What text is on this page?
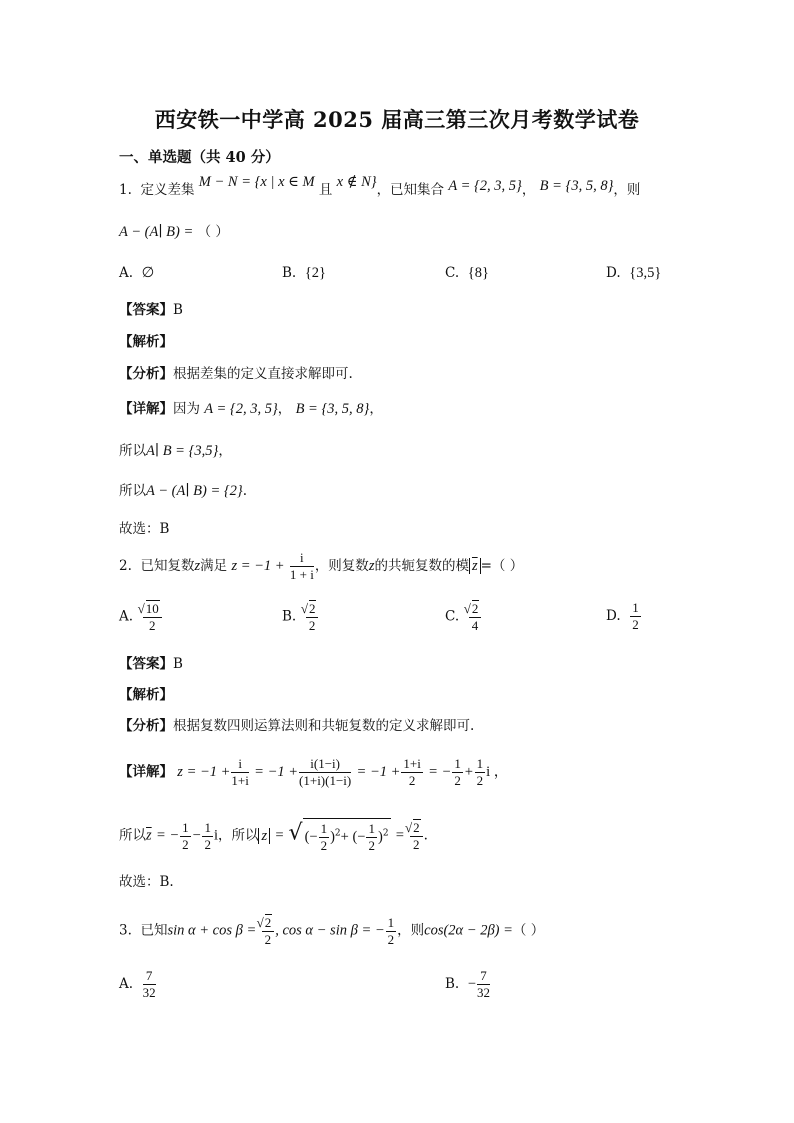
西安铁一中学高 2025 届高三第三次月考数学试卷
一、单选题（共 40 分）
1. 定义差集 M − N = {x | x ∈ M 且 x ∉ N}，已知集合 A = {2, 3, 5}， B = {3, 5, 8}，则
A − (A∣ B) = （ ）
A. ∅	B. {2}	C. {8}	D. {3,5}
【答案】B
【解析】
【分析】根据差集的定义直接求解即可.
【详解】因为 A = {2, 3, 5}， B = {3, 5, 8}，
所以A∣ B = {3,5}，
所以A − (A∣ B) = {2}.
故选：B
2. 已知复数z满足 $z = -1 + \frac{i}{1 + i}$ ，则复数z的共轭复数的模 $\overline{z}$ =（ ）
A. √ $\frac{10}{2}$	B. √ $\frac{2}{2}$	C. √ $\frac{2}{4}$	D. $\frac{1}{2}$
【答案】B
【解析】
【分析】根据复数四则运算法则和共轭复数的定义求解即可.
【详解】 $z = -1 + \frac{i}{1+i} = -1 + \frac{i(1-i)}{(1+i)(1-i)} = -1 + \frac{1+i}{2}$ = − $\frac{1}{2} + \frac{1}{2}$ i ，
所以$\overline{z}$ = − $\frac{1}{2} - \frac{1}{2}$ i，所以 z = √ (− $\frac{1}{2} )^2+$ (− $\frac{1}{2} )^2$ = √ $\frac{2}{2}$ .
故选：B.
3. 已知sin α + cos β = √ $\frac{2}{2}$ , cos α − sin β = − $\frac{1}{2}$ ，则cos(2α − 2β) =（ ）
A. $\frac{7}{32}$	B. − $\frac{7}{32}$
